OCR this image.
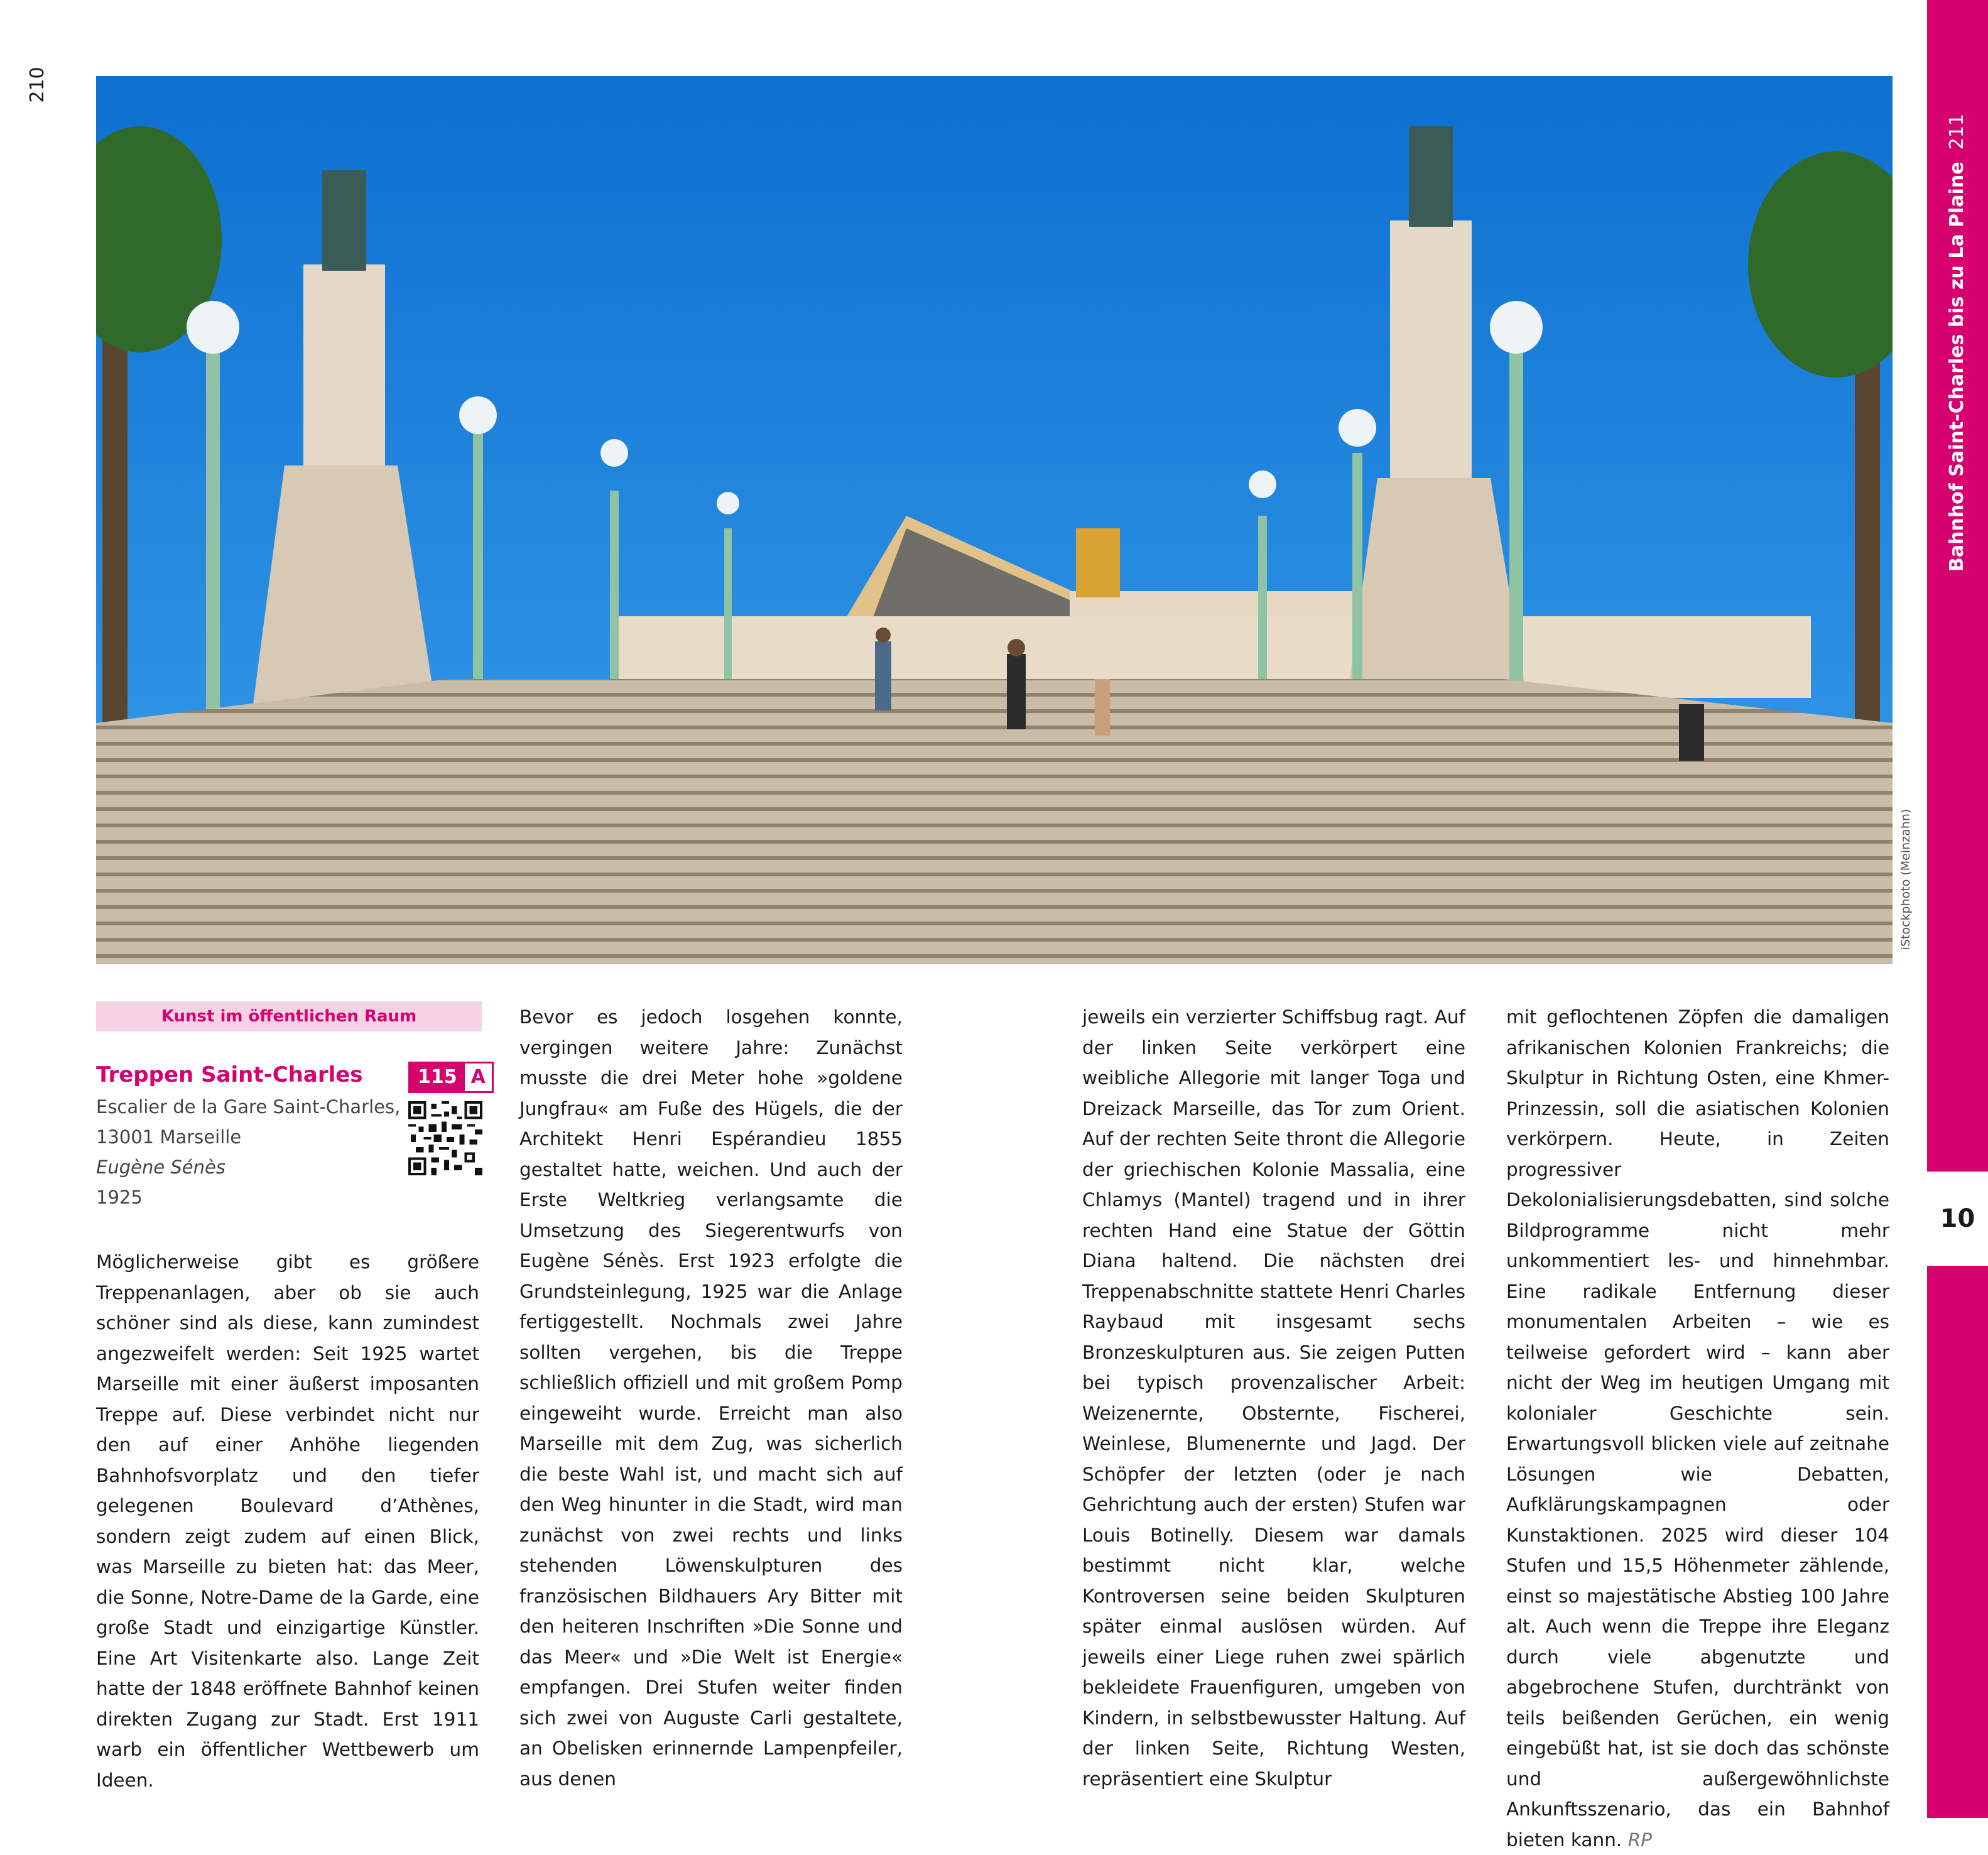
210
Bahnhof Saint-Charles bis zu La Plaine  211
10
iStockphoto (Meinzahn)
Kunst im öffentlichen Raum
Treppen Saint-Charles	115 A
Escalier de la Gare Saint-Charles,
13001 Marseille
Eugène Sénès
1925

Möglicherweise gibt es größere Treppenanlagen, aber ob sie auch schöner sind als diese, kann zumindest angezweifelt werden: Seit 1925 wartet Marseille mit einer äußerst imposanten Treppe auf. Diese verbindet nicht nur den auf einer Anhöhe liegenden Bahnhofsvorplatz und den tiefer gelegenen Boulevard d’Athènes, sondern zeigt zudem auf einen Blick, was Marseille zu bieten hat: das Meer, die Sonne, Notre-Dame de la Garde, eine große Stadt und einzigartige Künstler. Eine Art Visitenkarte also. Lange Zeit hatte der 1848 eröffnete Bahnhof keinen direkten Zugang zur Stadt. Erst 1911 warb ein öffentlicher Wettbewerb um Ideen.

Bevor es jedoch losgehen konnte, vergingen weitere Jahre: Zunächst musste die drei Meter hohe »goldene Jungfrau« am Fuße des Hügels, die der Architekt Henri Espérandieu 1855 gestaltet hatte, weichen. Und auch der Erste Weltkrieg verlangsamte die Umsetzung des Siegerentwurfs von Eugène Sénès. Erst 1923 erfolgte die Grundsteinlegung, 1925 war die Anlage fertiggestellt. Nochmals zwei Jahre sollten vergehen, bis die Treppe schließlich offiziell und mit großem Pomp eingeweiht wurde. Erreicht man also Marseille mit dem Zug, was sicherlich die beste Wahl ist, und macht sich auf den Weg hinunter in die Stadt, wird man zunächst von zwei rechts und links stehenden Löwenskulpturen des französischen Bildhauers Ary Bitter mit den heiteren Inschriften »Die Sonne und das Meer« und »Die Welt ist Energie« empfangen. Drei Stufen weiter finden sich zwei von Auguste Carli gestaltete, an Obelisken erinnernde Lampenpfeiler, aus denen

jeweils ein verzierter Schiffsbug ragt. Auf der linken Seite verkörpert eine weibliche Allegorie mit langer Toga und Dreizack Marseille, das Tor zum Orient. Auf der rechten Seite thront die Allegorie der griechischen Kolonie Massalia, eine Chlamys (Mantel) tragend und in ihrer rechten Hand eine Statue der Göttin Diana haltend. Die nächsten drei Treppenabschnitte stattete Henri Charles Raybaud mit insgesamt sechs Bronzeskulpturen aus. Sie zeigen Putten bei typisch provenzalischer Arbeit: Weizenernte, Obsternte, Fischerei, Weinlese, Blumenernte und Jagd. Der Schöpfer der letzten (oder je nach Gehrichtung auch der ersten) Stufen war Louis Botinelly. Diesem war damals bestimmt nicht klar, welche Kontroversen seine beiden Skulpturen später einmal auslösen würden. Auf jeweils einer Liege ruhen zwei spärlich bekleidete Frauenfiguren, umgeben von Kindern, in selbstbewusster Haltung. Auf der linken Seite, Richtung Westen, repräsentiert eine Skulptur

mit geflochtenen Zöpfen die damaligen afrikanischen Kolonien Frankreichs; die Skulptur in Richtung Osten, eine Khmer-Prinzessin, soll die asiatischen Kolonien verkörpern. Heute, in Zeiten progressiver Dekolonialisierungsdebatten, sind solche Bildprogramme nicht mehr unkommentiert les- und hinnehmbar. Eine radikale Entfernung dieser monumentalen Arbeiten – wie es teilweise gefordert wird – kann aber nicht der Weg im heutigen Umgang mit kolonialer Geschichte sein. Erwartungsvoll blicken viele auf zeitnahe Lösungen wie Debatten, Aufklärungskampagnen oder Kunstaktionen. 2025 wird dieser 104 Stufen und 15,5 Höhenmeter zählende, einst so majestätische Abstieg 100 Jahre alt. Auch wenn die Treppe ihre Eleganz durch viele abgenutzte und abgebrochene Stufen, durchtränkt von teils beißenden Gerüchen, ein wenig eingebüßt hat, ist sie doch das schönste und außergewöhnlichste Ankunftsszenario, das ein Bahnhof bieten kann. RP
